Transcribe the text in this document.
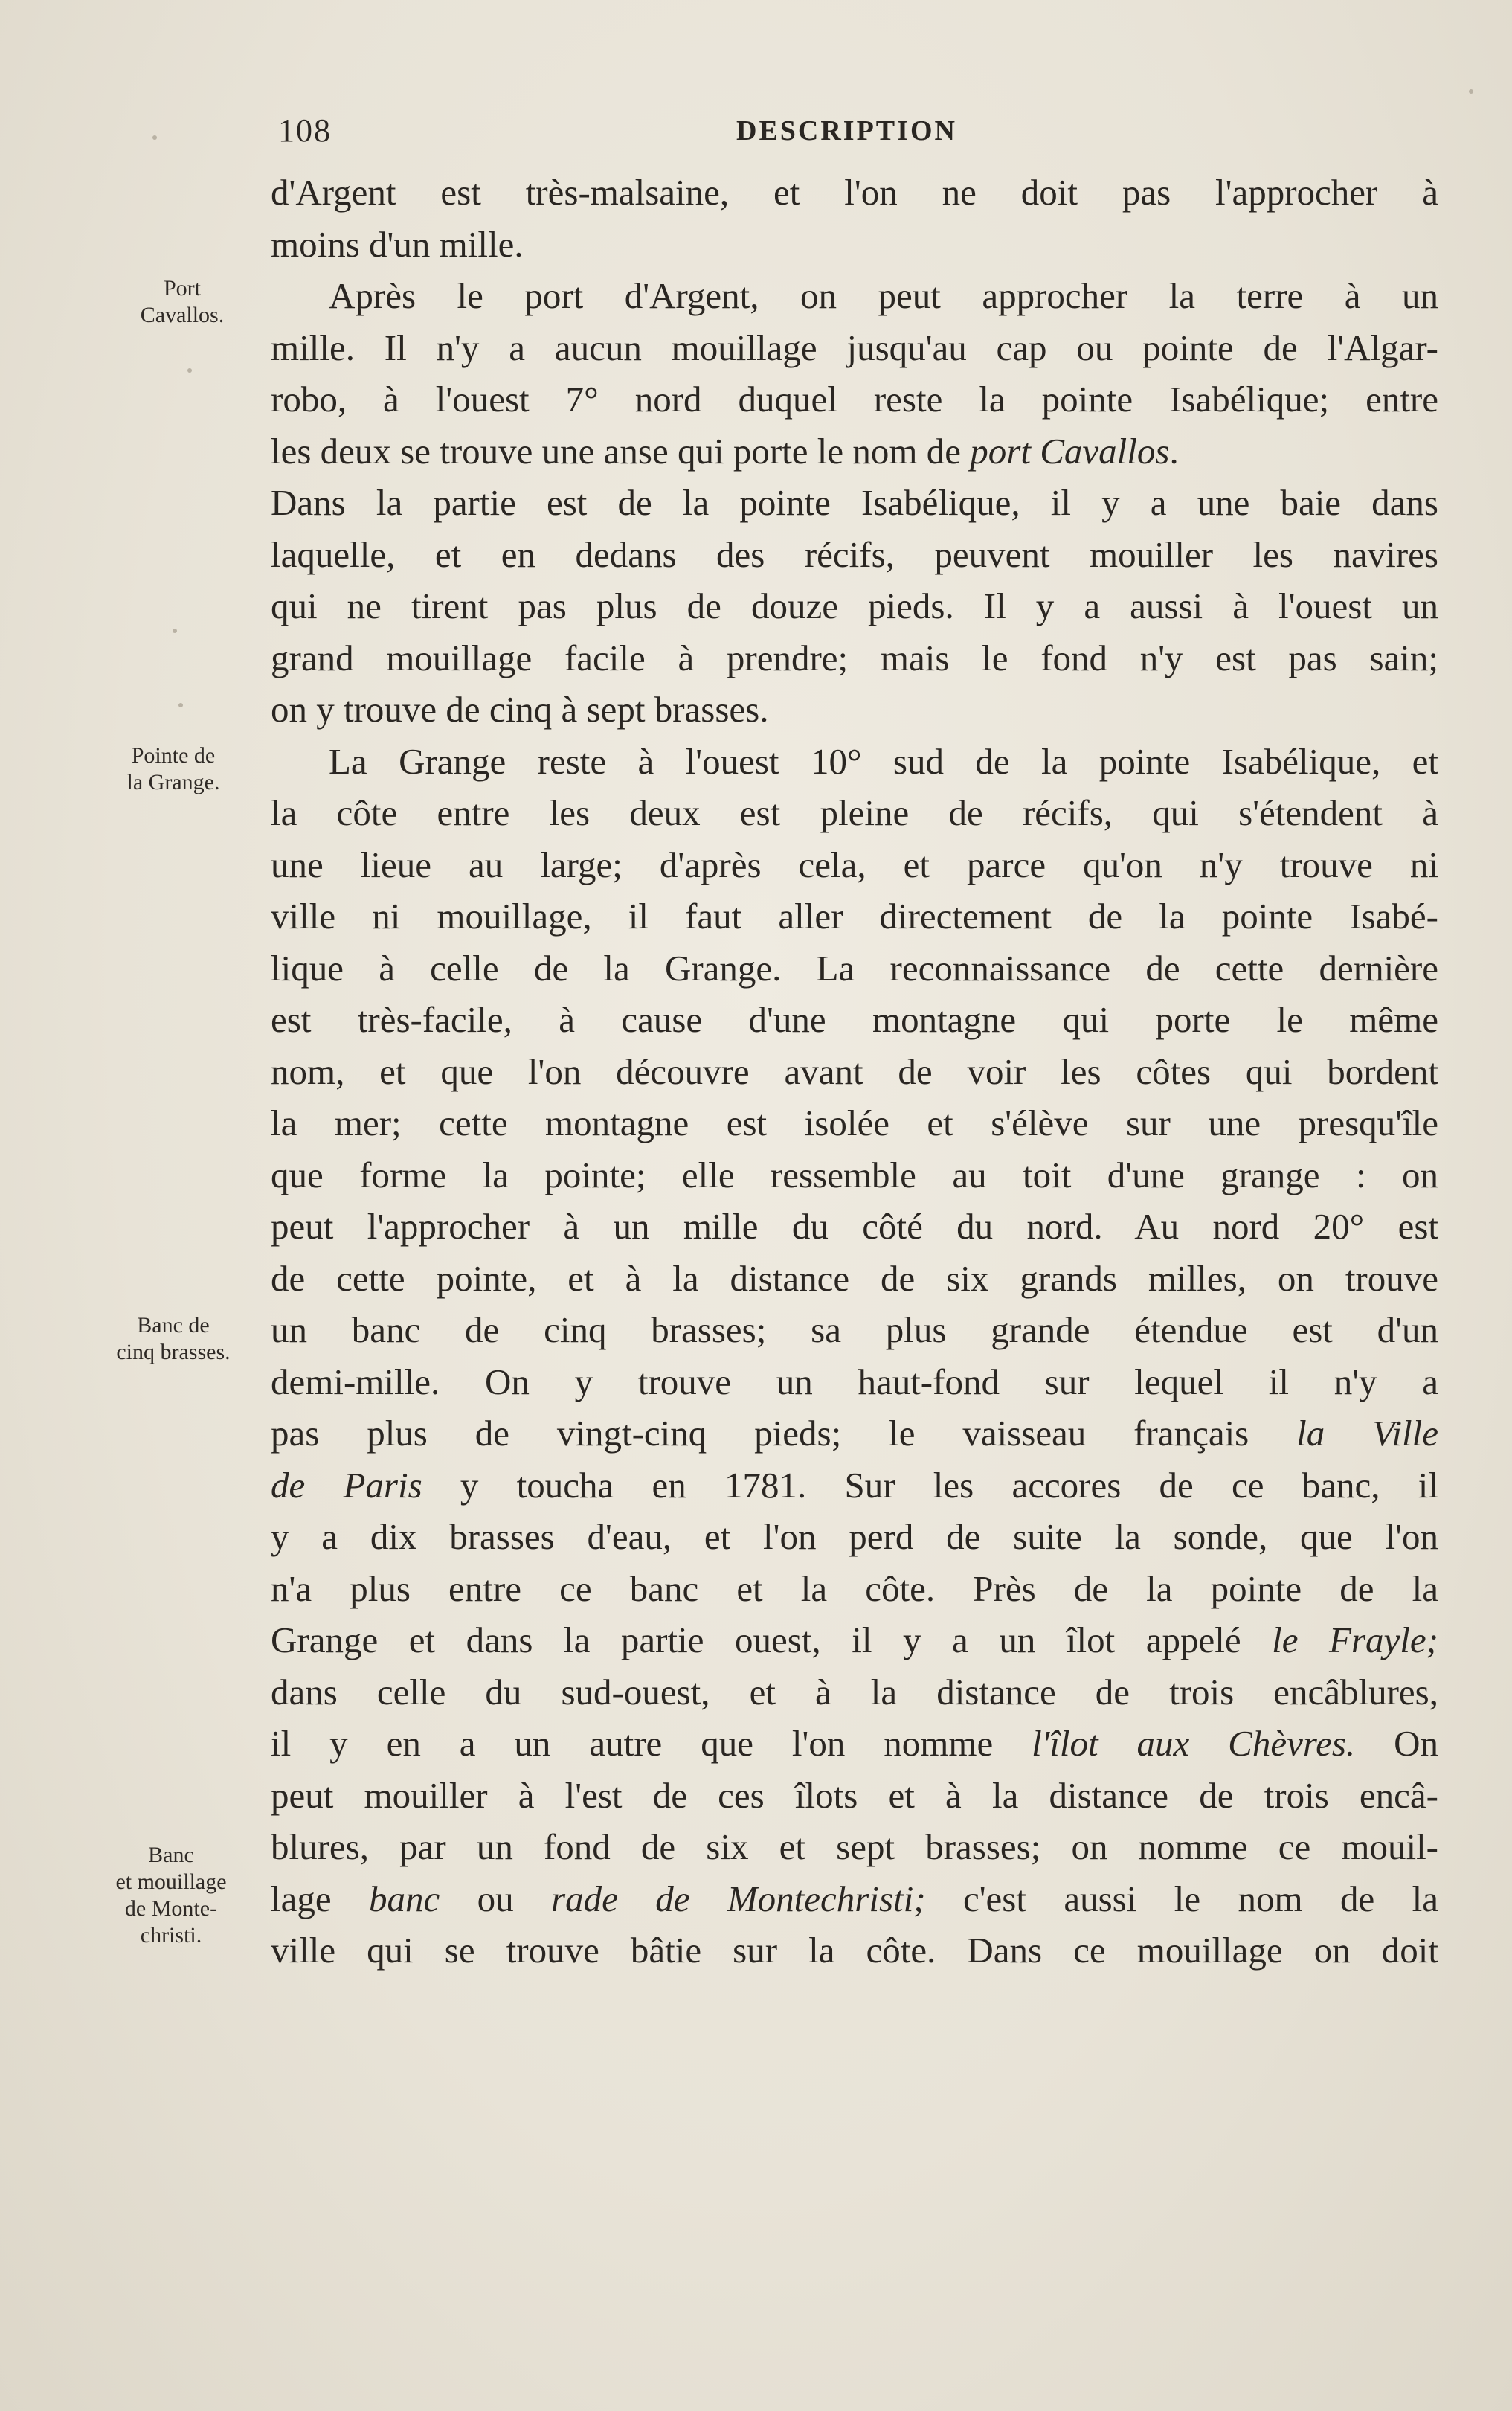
108	DESCRIPTION
Port
Cavallos.
Pointe de
la Grange.
Banc de
cinq brasses.
Banc
et mouillage
de Monte-
christi.
d'Argent est très-malsaine, et l'on ne doit pas l'approcher à
moins d'un mille.
Après le port d'Argent, on peut approcher la terre à un
mille. Il n'y a aucun mouillage jusqu'au cap ou pointe de l'Algar-
robo, à l'ouest 7° nord duquel reste la pointe Isabélique; entre
les deux se trouve une anse qui porte le nom de port Cavallos.
Dans la partie est de la pointe Isabélique, il y a une baie dans
laquelle, et en dedans des récifs, peuvent mouiller les navires
qui ne tirent pas plus de douze pieds. Il y a aussi à l'ouest un
grand mouillage facile à prendre; mais le fond n'y est pas sain;
on y trouve de cinq à sept brasses.
La Grange reste à l'ouest 10° sud de la pointe Isabélique, et
la côte entre les deux est pleine de récifs, qui s'étendent à
une lieue au large; d'après cela, et parce qu'on n'y trouve ni
ville ni mouillage, il faut aller directement de la pointe Isabé-
lique à celle de la Grange. La reconnaissance de cette dernière
est très-facile, à cause d'une montagne qui porte le même
nom, et que l'on découvre avant de voir les côtes qui bordent
la mer; cette montagne est isolée et s'élève sur une presqu'île
que forme la pointe; elle ressemble au toit d'une grange : on
peut l'approcher à un mille du côté du nord. Au nord 20° est
de cette pointe, et à la distance de six grands milles, on trouve
un banc de cinq brasses; sa plus grande étendue est d'un
demi-mille. On y trouve un haut-fond sur lequel il n'y a
pas plus de vingt-cinq pieds; le vaisseau français la Ville
de Paris y toucha en 1781. Sur les accores de ce banc, il
y a dix brasses d'eau, et l'on perd de suite la sonde, que l'on
n'a plus entre ce banc et la côte. Près de la pointe de la
Grange et dans la partie ouest, il y a un îlot appelé le Frayle;
dans celle du sud-ouest, et à la distance de trois encâblures,
il y en a un autre que l'on nomme l'îlot aux Chèvres. On
peut mouiller à l'est de ces îlots et à la distance de trois encâ-
blures, par un fond de six et sept brasses; on nomme ce mouil-
lage banc ou rade de Montechristi; c'est aussi le nom de la
ville qui se trouve bâtie sur la côte. Dans ce mouillage on doit
